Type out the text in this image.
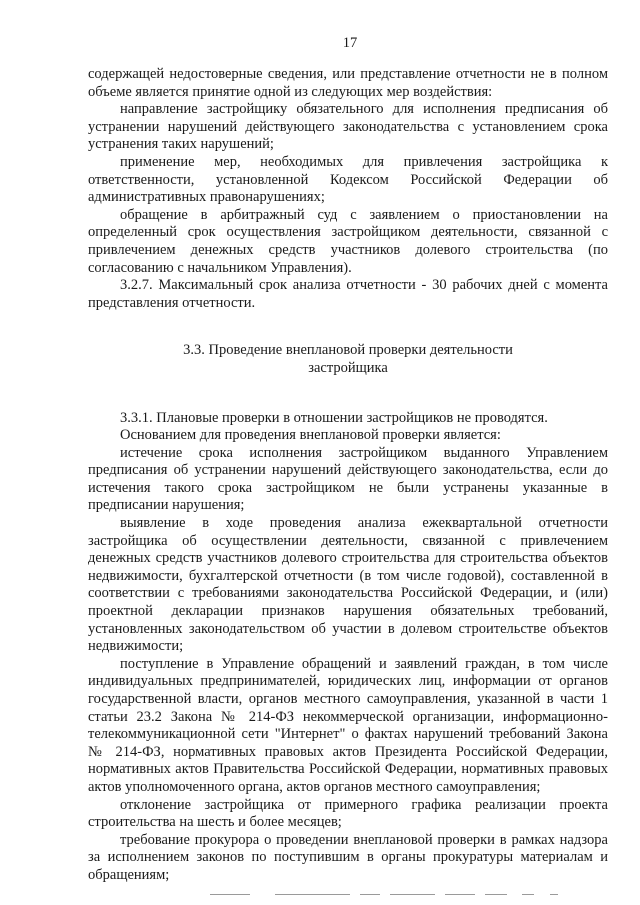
17

содержащей недостоверные сведения, или представление отчетности не в полном объеме является принятие одной из следующих мер воздействия:

направление застройщику обязательного для исполнения предписания об устранении нарушений действующего законодательства с установлением срока устранения таких нарушений;

применение мер, необходимых для привлечения застройщика к ответственности, установленной Кодексом Российской Федерации об административных правонарушениях;

обращение в арбитражный суд с заявлением о приостановлении на определенный срок осуществления застройщиком деятельности, связанной с привлечением денежных средств участников долевого строительства (по согласованию с начальником Управления).

3.2.7. Максимальный срок анализа отчетности - 30 рабочих дней с момента представления отчетности.

3.3. Проведение внеплановой проверки деятельности
застройщика

3.3.1. Плановые проверки в отношении застройщиков не проводятся.

Основанием для проведения внеплановой проверки является:

истечение срока исполнения застройщиком выданного Управлением предписания об устранении нарушений действующего законодательства, если до истечения такого срока застройщиком не были устранены указанные в предписании нарушения;

выявление в ходе проведения анализа ежеквартальной отчетности застройщика об осуществлении деятельности, связанной с привлечением денежных средств участников долевого строительства для строительства объектов недвижимости, бухгалтерской отчетности (в том числе годовой), составленной в соответствии с требованиями законодательства Российской Федерации, и (или) проектной декларации признаков нарушения обязательных требований, установленных законодательством об участии в долевом строительстве объектов недвижимости;

поступление в Управление обращений и заявлений граждан, в том числе индивидуальных предпринимателей, юридических лиц, информации от органов государственной власти, органов местного самоуправления, указанной в части 1 статьи 23.2 Закона № 214-ФЗ некоммерческой организации, информационно-телекоммуникационной сети "Интернет" о фактах нарушений требований Закона № 214-ФЗ, нормативных правовых актов Президента Российской Федерации, нормативных актов Правительства Российской Федерации, нормативных правовых актов уполномоченного органа, актов органов местного самоуправления;

отклонение застройщика от примерного графика реализации проекта строительства на шесть и более месяцев;

требование прокурора о проведении внеплановой проверки в рамках надзора за исполнением законов по поступившим в органы прокуратуры материалам и обращениям;
